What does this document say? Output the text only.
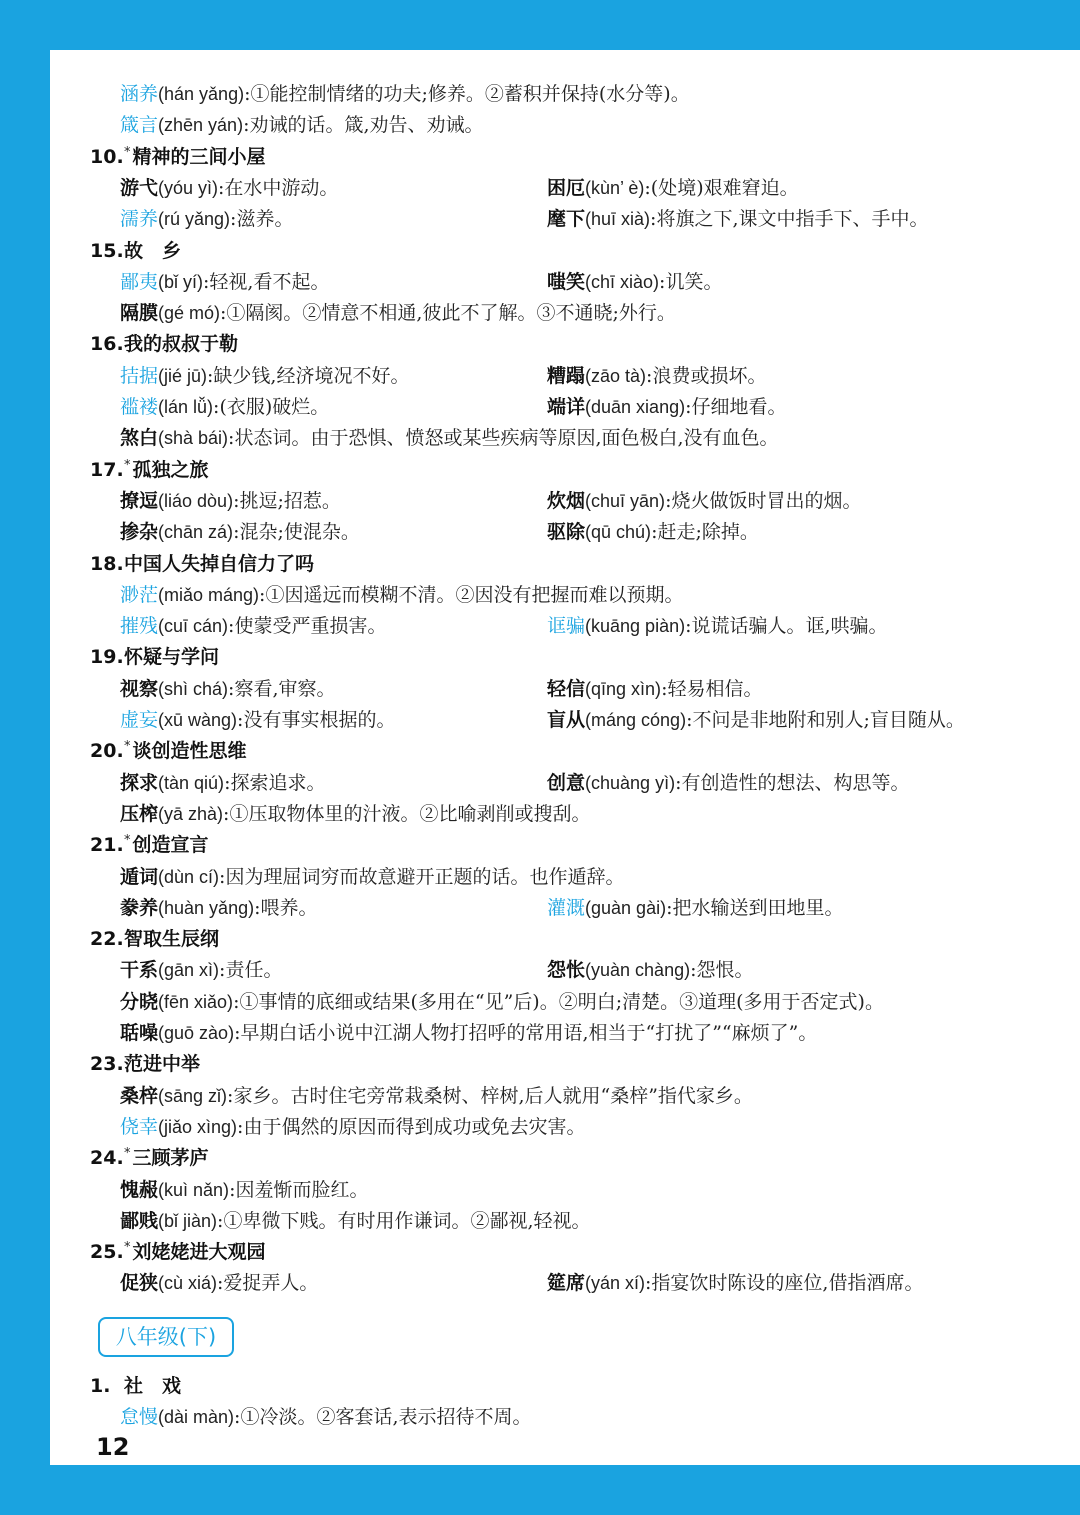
涵养(hán yǎng):①能控制情绪的功夫;修养。②蓄积并保持(水分等)。
箴言(zhēn yán):劝诫的话。箴,劝告、劝诫。
10.* 精神的三间小屋
游弋(yóu yì):在水中游动。	困厄(kùn’ è):(处境)艰难窘迫。
濡养(rú yǎng):滋养。	麾下(huī xià):将旗之下,课文中指手下、手中。
15.故　乡
鄙夷(bǐ yí):轻视,看不起。	嗤笑(chī xiào):讥笑。
隔膜(gé mó):①隔阂。②情意不相通,彼此不了解。③不通晓;外行。
16.我的叔叔于勒
拮据(jié jū):缺少钱,经济境况不好。	糟蹋(zāo tà):浪费或损坏。
褴褛(lán lǚ):(衣服)破烂。	端详(duān xiang):仔细地看。
煞白(shà bái):状态词。由于恐惧、愤怒或某些疾病等原因,面色极白,没有血色。
17.* 孤独之旅
撩逗(liáo dòu):挑逗;招惹。	炊烟(chuī yān):烧火做饭时冒出的烟。
掺杂(chān zá):混杂;使混杂。	驱除(qū chú):赶走;除掉。
18.中国人失掉自信力了吗
渺茫(miǎo máng):①因遥远而模糊不清。②因没有把握而难以预期。
摧残(cuī cán):使蒙受严重损害。	诓骗(kuāng piàn):说谎话骗人。诓,哄骗。
19.怀疑与学问
视察(shì chá):察看,审察。	轻信(qīng xìn):轻易相信。
虚妄(xū wàng):没有事实根据的。	盲从(máng cóng):不问是非地附和别人;盲目随从。
20.* 谈创造性思维
探求(tàn qiú):探索追求。	创意(chuàng yì):有创造性的想法、构思等。
压榨(yā zhà):①压取物体里的汁液。②比喻剥削或搜刮。
21.* 创造宣言
遁词(dùn cí):因为理屈词穷而故意避开正题的话。也作遁辞。
豢养(huàn yǎng):喂养。	灌溉(guàn gài):把水输送到田地里。
22.智取生辰纲
干系(gān xì):责任。	怨怅(yuàn chàng):怨恨。
分晓(fēn xiǎo):①事情的底细或结果(多用在“见”后)。②明白;清楚。③道理(多用于否定式)。
聒噪(guō zào):早期白话小说中江湖人物打招呼的常用语,相当于“打扰了”“麻烦了”。
23.范进中举
桑梓(sāng zǐ):家乡。古时住宅旁常栽桑树、梓树,后人就用“桑梓”指代家乡。
侥幸(jiǎo xìng):由于偶然的原因而得到成功或免去灾害。
24.* 三顾茅庐
愧赧(kuì nǎn):因羞惭而脸红。
鄙贱(bǐ jiàn):①卑微下贱。有时用作谦词。②鄙视,轻视。
25.* 刘姥姥进大观园
促狭(cù xiá):爱捉弄人。	筵席(yán xí):指宴饮时陈设的座位,借指酒席。
1. 社　戏
怠慢(dài màn):①冷淡。②客套话,表示招待不周。
八年级(下)
12
